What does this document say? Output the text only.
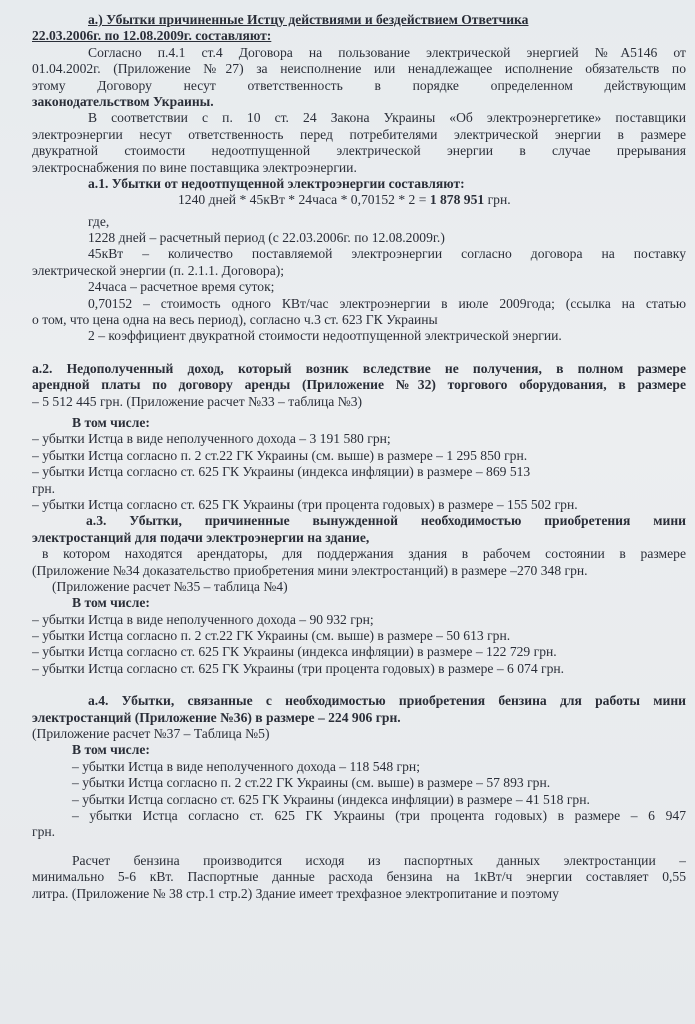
а.) Убытки причиненные Истцу действиями и бездействием Ответчика
22.03.2006г. по 12.08.2009г. составляют:
Согласно п.4.1 ст.4 Договора на пользование электрической энергией №А5146 от
01.04.2002г. (Приложение №27) за неисполнение или ненадлежащее исполнение обязательств по
этому Договору несут ответственность в порядке определенном действующим
законодательством Украины.
В соответствии с п. 10 ст. 24 Закона Украины «Об электроэнергетике» поставщики
электроэнергии несут ответственность перед потребителями электрической энергии в размере
двукратной стоимости недоотпущенной электрической энергии в случае прерывания
электроснабжения по вине поставщика электроэнергии.
а.1. Убытки от недоотпущенной электроэнергии составляют:
1240 дней * 45кВт * 24часа * 0,70152 * 2 = 1 878 951 грн.
где,
1228 дней – расчетный период (с 22.03.2006г. по 12.08.2009г.)
45кВт – количество поставляемой электроэнергии согласно договора на поставку
электрической энергии (п. 2.1.1. Договора);
24часа – расчетное время суток;
0,70152 – стоимость одного КВт/час электроэнергии в июле 2009года; (ссылка на статью
о том, что цена одна на весь период), согласно ч.3 ст. 623 ГК Украины
2 – коэффициент двукратной стоимости недоотпущенной электрической энергии.
а.2. Недополученный доход, который возник вследствие не получения, в полном размере
арендной платы по договору аренды (Приложение №32) торгового оборудования, в размере
– 5 512 445 грн. (Приложение расчет №33 – таблица №3)
В том числе:
– убытки Истца в виде неполученного дохода – 3 191 580 грн;
– убытки Истца согласно п. 2 ст.22 ГК Украины (см. выше) в размере – 1 295 850 грн.
– убытки Истца согласно ст. 625 ГК Украины (индекса инфляции) в размере – 869 513
грн.
– убытки Истца согласно ст. 625 ГК Украины (три процента годовых) в размере – 155 502 грн.
а.3. Убытки, причиненные вынужденной необходимостью приобретения мини
электростанций для подачи электроэнергии на здание,
в котором находятся арендаторы, для поддержания здания в рабочем состоянии в размере
(Приложение №34 доказательство приобретения мини электростанций) в размере –270 348 грн.
(Приложение расчет №35 – таблица №4)
В том числе:
– убытки Истца в виде неполученного дохода – 90 932 грн;
– убытки Истца согласно п. 2 ст.22 ГК Украины (см. выше) в размере – 50 613 грн.
– убытки Истца согласно ст. 625 ГК Украины (индекса инфляции) в размере – 122 729 грн.
– убытки Истца согласно ст. 625 ГК Украины (три процента годовых) в размере – 6 074 грн.
а.4. Убытки, связанные с необходимостью приобретения бензина для работы мини
электростанций (Приложение №36) в размере – 224 906 грн.
(Приложение расчет №37 – Таблица №5)
В том числе:
– убытки Истца в виде неполученного дохода – 118 548 грн;
– убытки Истца согласно п. 2 ст.22 ГК Украины (см. выше) в размере – 57 893 грн.
– убытки Истца согласно ст. 625 ГК Украины (индекса инфляции) в размере – 41 518 грн.
– убытки Истца согласно ст. 625 ГК Украины (три процента годовых) в размере – 6 947
грн.
Расчет бензина производится исходя из паспортных данных электростанции –
минимально 5-6 кВт. Паспортные данные расхода бензина на 1кВт/ч энергии составляет 0,55
литра. (Приложение № 38 стр.1 стр.2) Здание имеет трехфазное электропитание и поэтому
